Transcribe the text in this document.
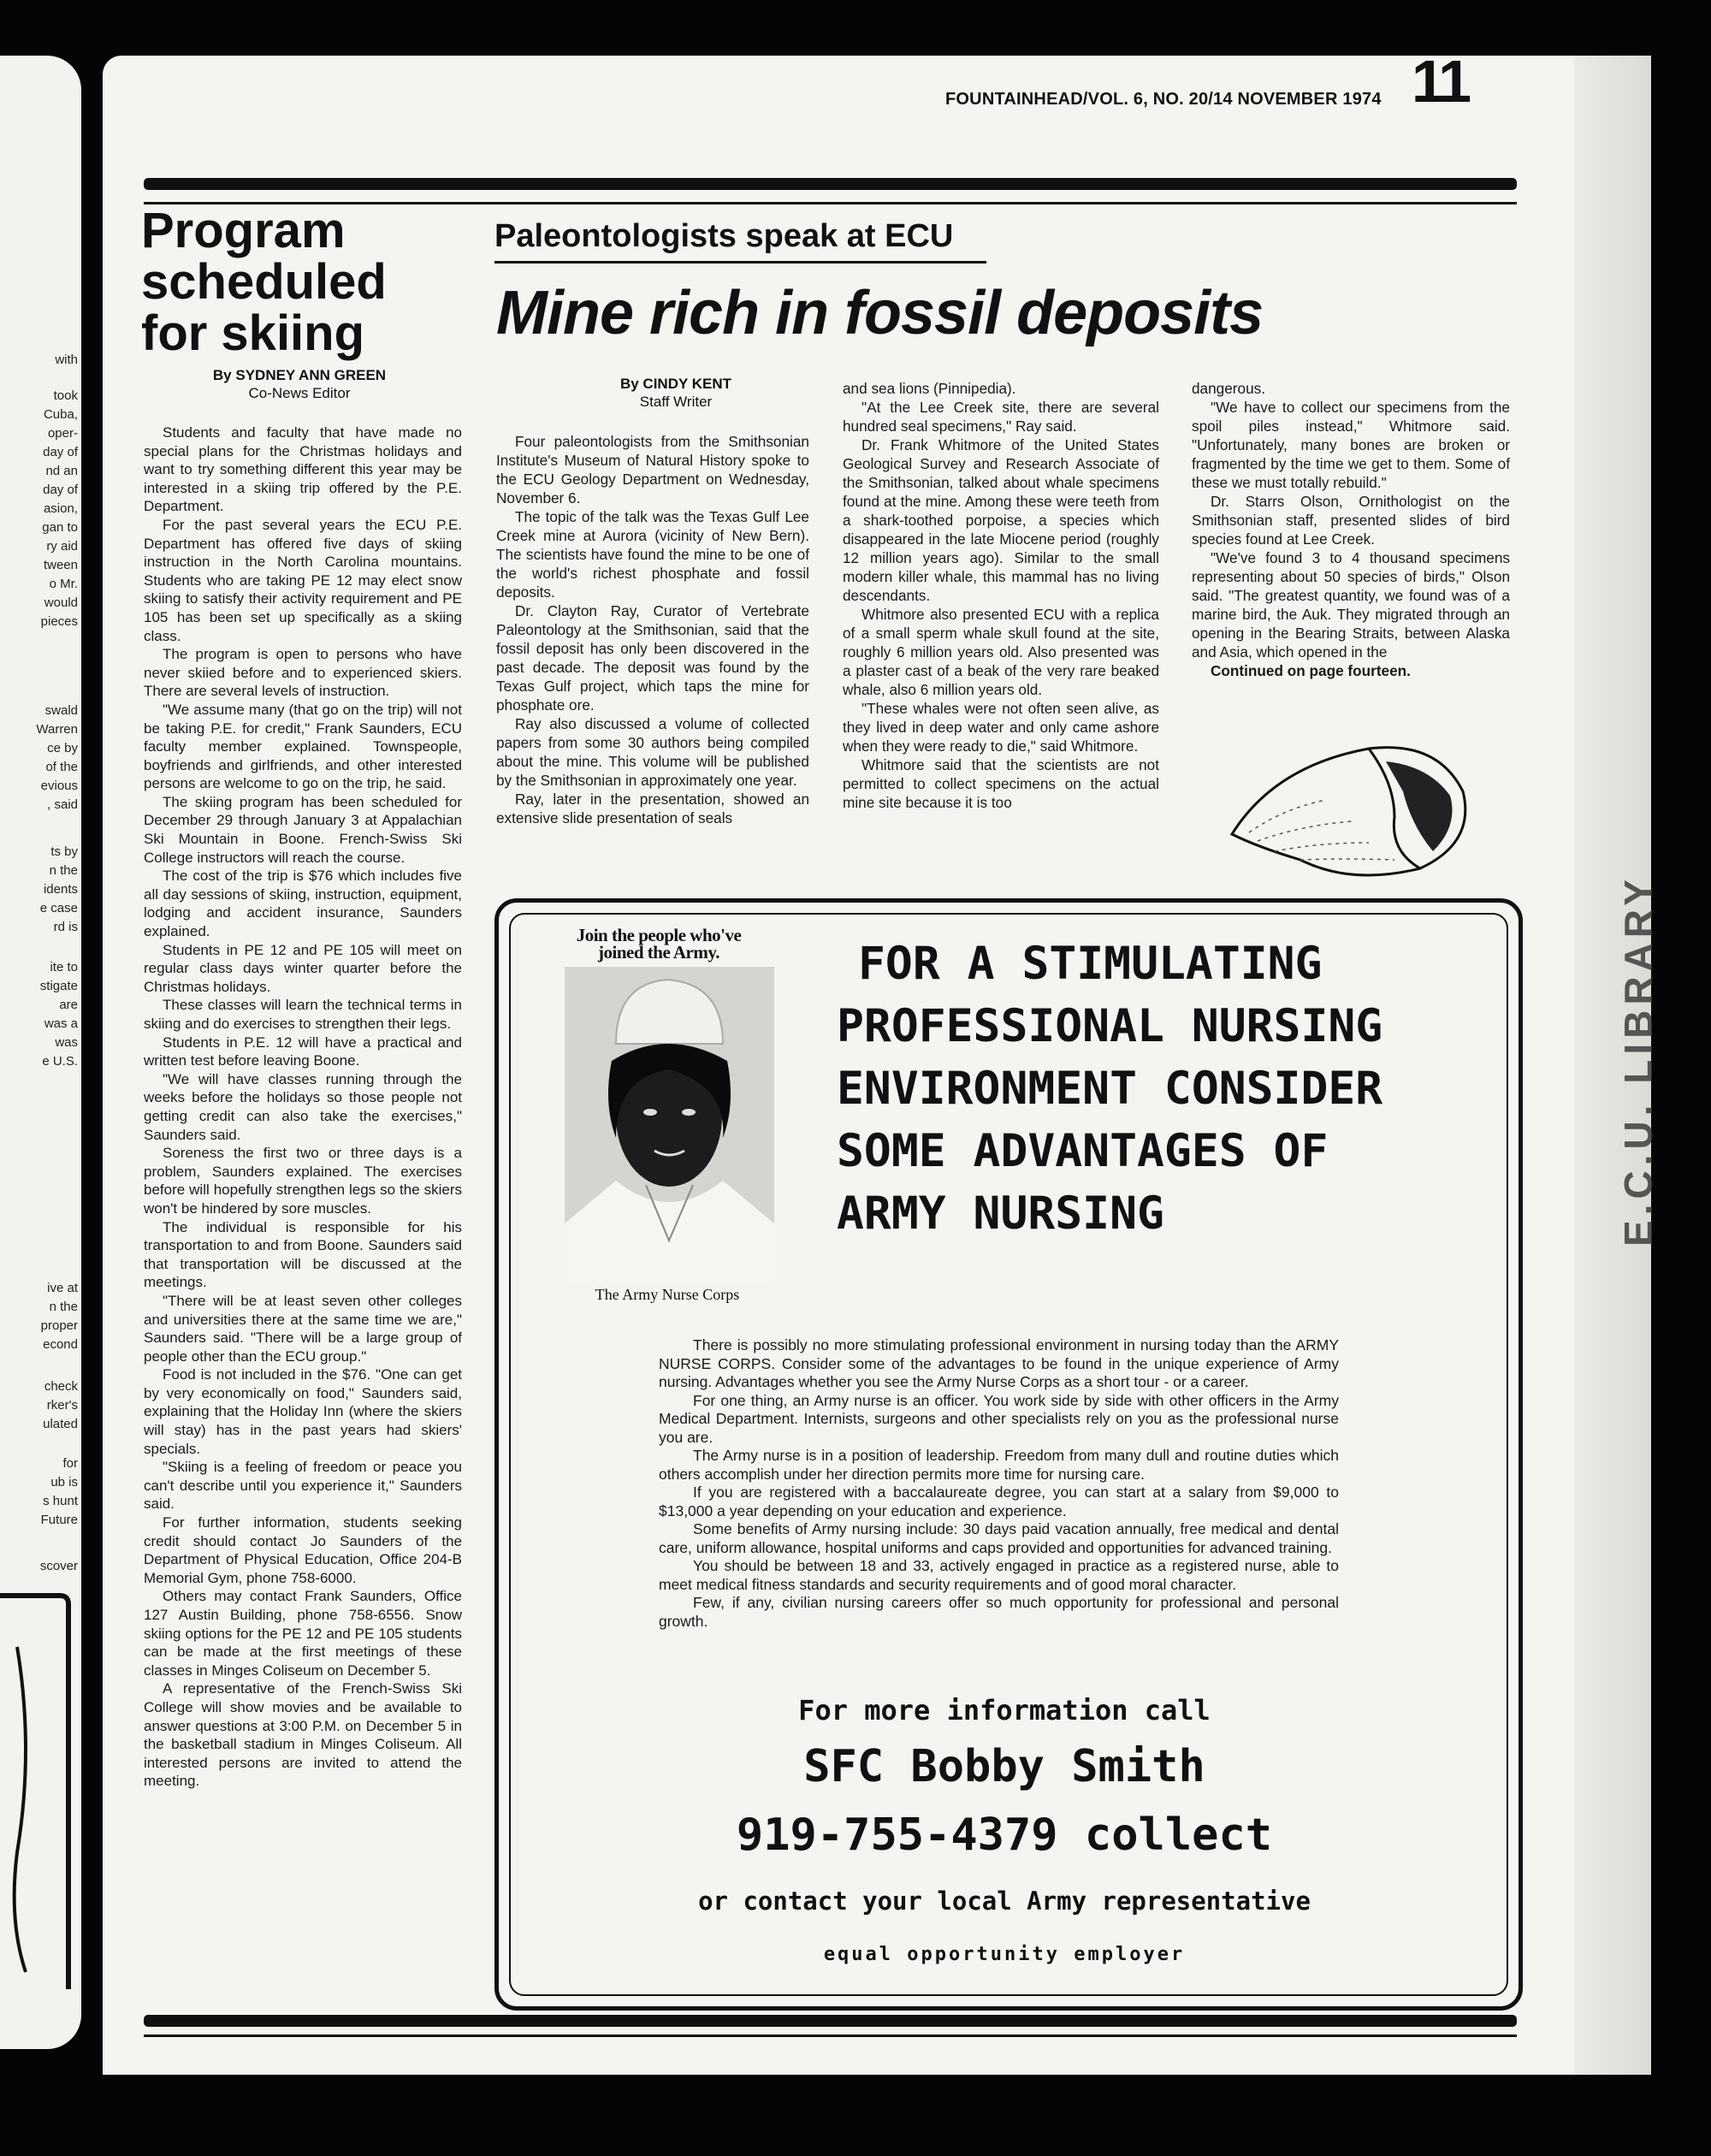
with
took
Cuba,
oper-
day of
nd an
day of
asion,
gan to
ry aid
tween
o Mr.
would
pieces
swald
Warren
ce by
of the
evious
, said
ts by
n the
idents
e case
rd is
ite to
stigate
are
was a
was
e U.S.
ive at
n the
proper
econd
check
rker's
ulated
for
ub is
s hunt
Future
scover
FOUNTAINHEAD/VOL. 6, NO. 20/14 NOVEMBER 1974 11
Program
scheduled
for skiing
By SYDNEY ANN GREEN
Co-News Editor

Students and faculty that have made no special plans for the Christmas holidays and want to try something different this year may be interested in a skiing trip offered by the P.E. Department.

For the past several years the ECU P.E. Department has offered five days of skiing instruction in the North Carolina mountains. Students who are taking PE 12 may elect snow skiing to satisfy their activity requirement and PE 105 has been set up specifically as a skiing class.

The program is open to persons who have never skiied before and to experienced skiers. There are several levels of instruction.

"We assume many (that go on the trip) will not be taking P.E. for credit," Frank Saunders, ECU faculty member explained. Townspeople, boyfriends and girlfriends, and other interested persons are welcome to go on the trip, he said.

The skiing program has been scheduled for December 29 through January 3 at Appalachian Ski Mountain in Boone. French-Swiss Ski College instructors will reach the course.

The cost of the trip is $76 which includes five all day sessions of skiing, instruction, equipment, lodging and accident insurance, Saunders explained.

Students in PE 12 and PE 105 will meet on regular class days winter quarter before the Christmas holidays.

These classes will learn the technical terms in skiing and do exercises to strengthen their legs.

Students in P.E. 12 will have a practical and written test before leaving Boone.

"We will have classes running through the weeks before the holidays so those people not getting credit can also take the exercises," Saunders said.

Soreness the first two or three days is a problem, Saunders explained. The exercises before will hopefully strengthen legs so the skiers won't be hindered by sore muscles.

The individual is responsible for his transportation to and from Boone. Saunders said that transportation will be discussed at the meetings.

"There will be at least seven other colleges and universities there at the same time we are," Saunders said. "There will be a large group of people other than the ECU group."

Food is not included in the $76. "One can get by very economically on food," Saunders said, explaining that the Holiday Inn (where the skiers will stay) has in the past years had skiers' specials.

"Skiing is a feeling of freedom or peace you can't describe until you experience it," Saunders said.

For further information, students seeking credit should contact Jo Saunders of the Department of Physical Education, Office 204-B Memorial Gym, phone 758-6000.

Others may contact Frank Saunders, Office 127 Austin Building, phone 758-6556. Snow skiing options for the PE 12 and PE 105 students can be made at the first meetings of these classes in Minges Coliseum on December 5.

A representative of the French-Swiss Ski College will show movies and be available to answer questions at 3:00 P.M. on December 5 in the basketball stadium in Minges Coliseum. All interested persons are invited to attend the meeting.

Paleontologists speak at ECU
Mine rich in fossil deposits
By CINDY KENT
Staff Writer

Four paleontologists from the Smithsonian Institute's Museum of Natural History spoke to the ECU Geology Department on Wednesday, November 6.

The topic of the talk was the Texas Gulf Lee Creek mine at Aurora (vicinity of New Bern). The scientists have found the mine to be one of the world's richest phosphate and fossil deposits.

Dr. Clayton Ray, Curator of Vertebrate Paleontology at the Smithsonian, said that the fossil deposit has only been discovered in the past decade. The deposit was found by the Texas Gulf project, which taps the mine for phosphate ore.

Ray also discussed a volume of collected papers from some 30 authors being compiled about the mine. This volume will be published by the Smithsonian in approximately one year.

Ray, later in the presentation, showed an extensive slide presentation of seals

and sea lions (Pinnipedia).

"At the Lee Creek site, there are several hundred seal specimens," Ray said.

Dr. Frank Whitmore of the United States Geological Survey and Research Associate of the Smithsonian, talked about whale specimens found at the mine. Among these were teeth from a shark-toothed porpoise, a species which disappeared in the late Miocene period (roughly 12 million years ago). Similar to the small modern killer whale, this mammal has no living descendants.

Whitmore also presented ECU with a replica of a small sperm whale skull found at the site, roughly 6 million years old. Also presented was a plaster cast of a beak of the very rare beaked whale, also 6 million years old.

"These whales were not often seen alive, as they lived in deep water and only came ashore when they were ready to die," said Whitmore.

Whitmore said that the scientists are not permitted to collect specimens on the actual mine site because it is too

dangerous.

"We have to collect our specimens from the spoil piles instead," Whitmore said. "Unfortunately, many bones are broken or fragmented by the time we get to them. Some of these we must totally rebuild."

Dr. Starrs Olson, Ornithologist on the Smithsonian staff, presented slides of bird species found at Lee Creek.

"We've found 3 to 4 thousand specimens representing about 50 species of birds," Olson said. "The greatest quantity, we found was of a marine bird, the Auk. They migrated through an opening in the Bearing Straits, between Alaska and Asia, which opened in the

Continued on page fourteen.

Join the people who've joined the Army.
The Army Nurse Corps
FOR A STIMULATING
PROFESSIONAL NURSING
ENVIRONMENT CONSIDER
SOME ADVANTAGES OF
ARMY NURSING

There is possibly no more stimulating professional environment in nursing today than the ARMY NURSE CORPS. Consider some of the advantages to be found in the unique experience of Army nursing. Advantages whether you see the Army Nurse Corps as a short tour - or a career.

For one thing, an Army nurse is an officer. You work side by side with other officers in the Army Medical Department. Internists, surgeons and other specialists rely on you as the professional nurse you are.

The Army nurse is in a position of leadership. Freedom from many dull and routine duties which others accomplish under her direction permits more time for nursing care.

If you are registered with a baccalaureate degree, you can start at a salary from $9,000 to $13,000 a year depending on your education and experience.

Some benefits of Army nursing include: 30 days paid vacation annually, free medical and dental care, uniform allowance, hospital uniforms and caps provided and opportunities for advanced training.

You should be between 18 and 33, actively engaged in practice as a registered nurse, able to meet medical fitness standards and security requirements and of good moral character.

Few, if any, civilian nursing careers offer so much opportunity for professional and personal growth.

For more information call
SFC Bobby Smith
919-755-4379 collect
or contact your local Army representative
equal opportunity employer
E.C.U. LIBRARY
